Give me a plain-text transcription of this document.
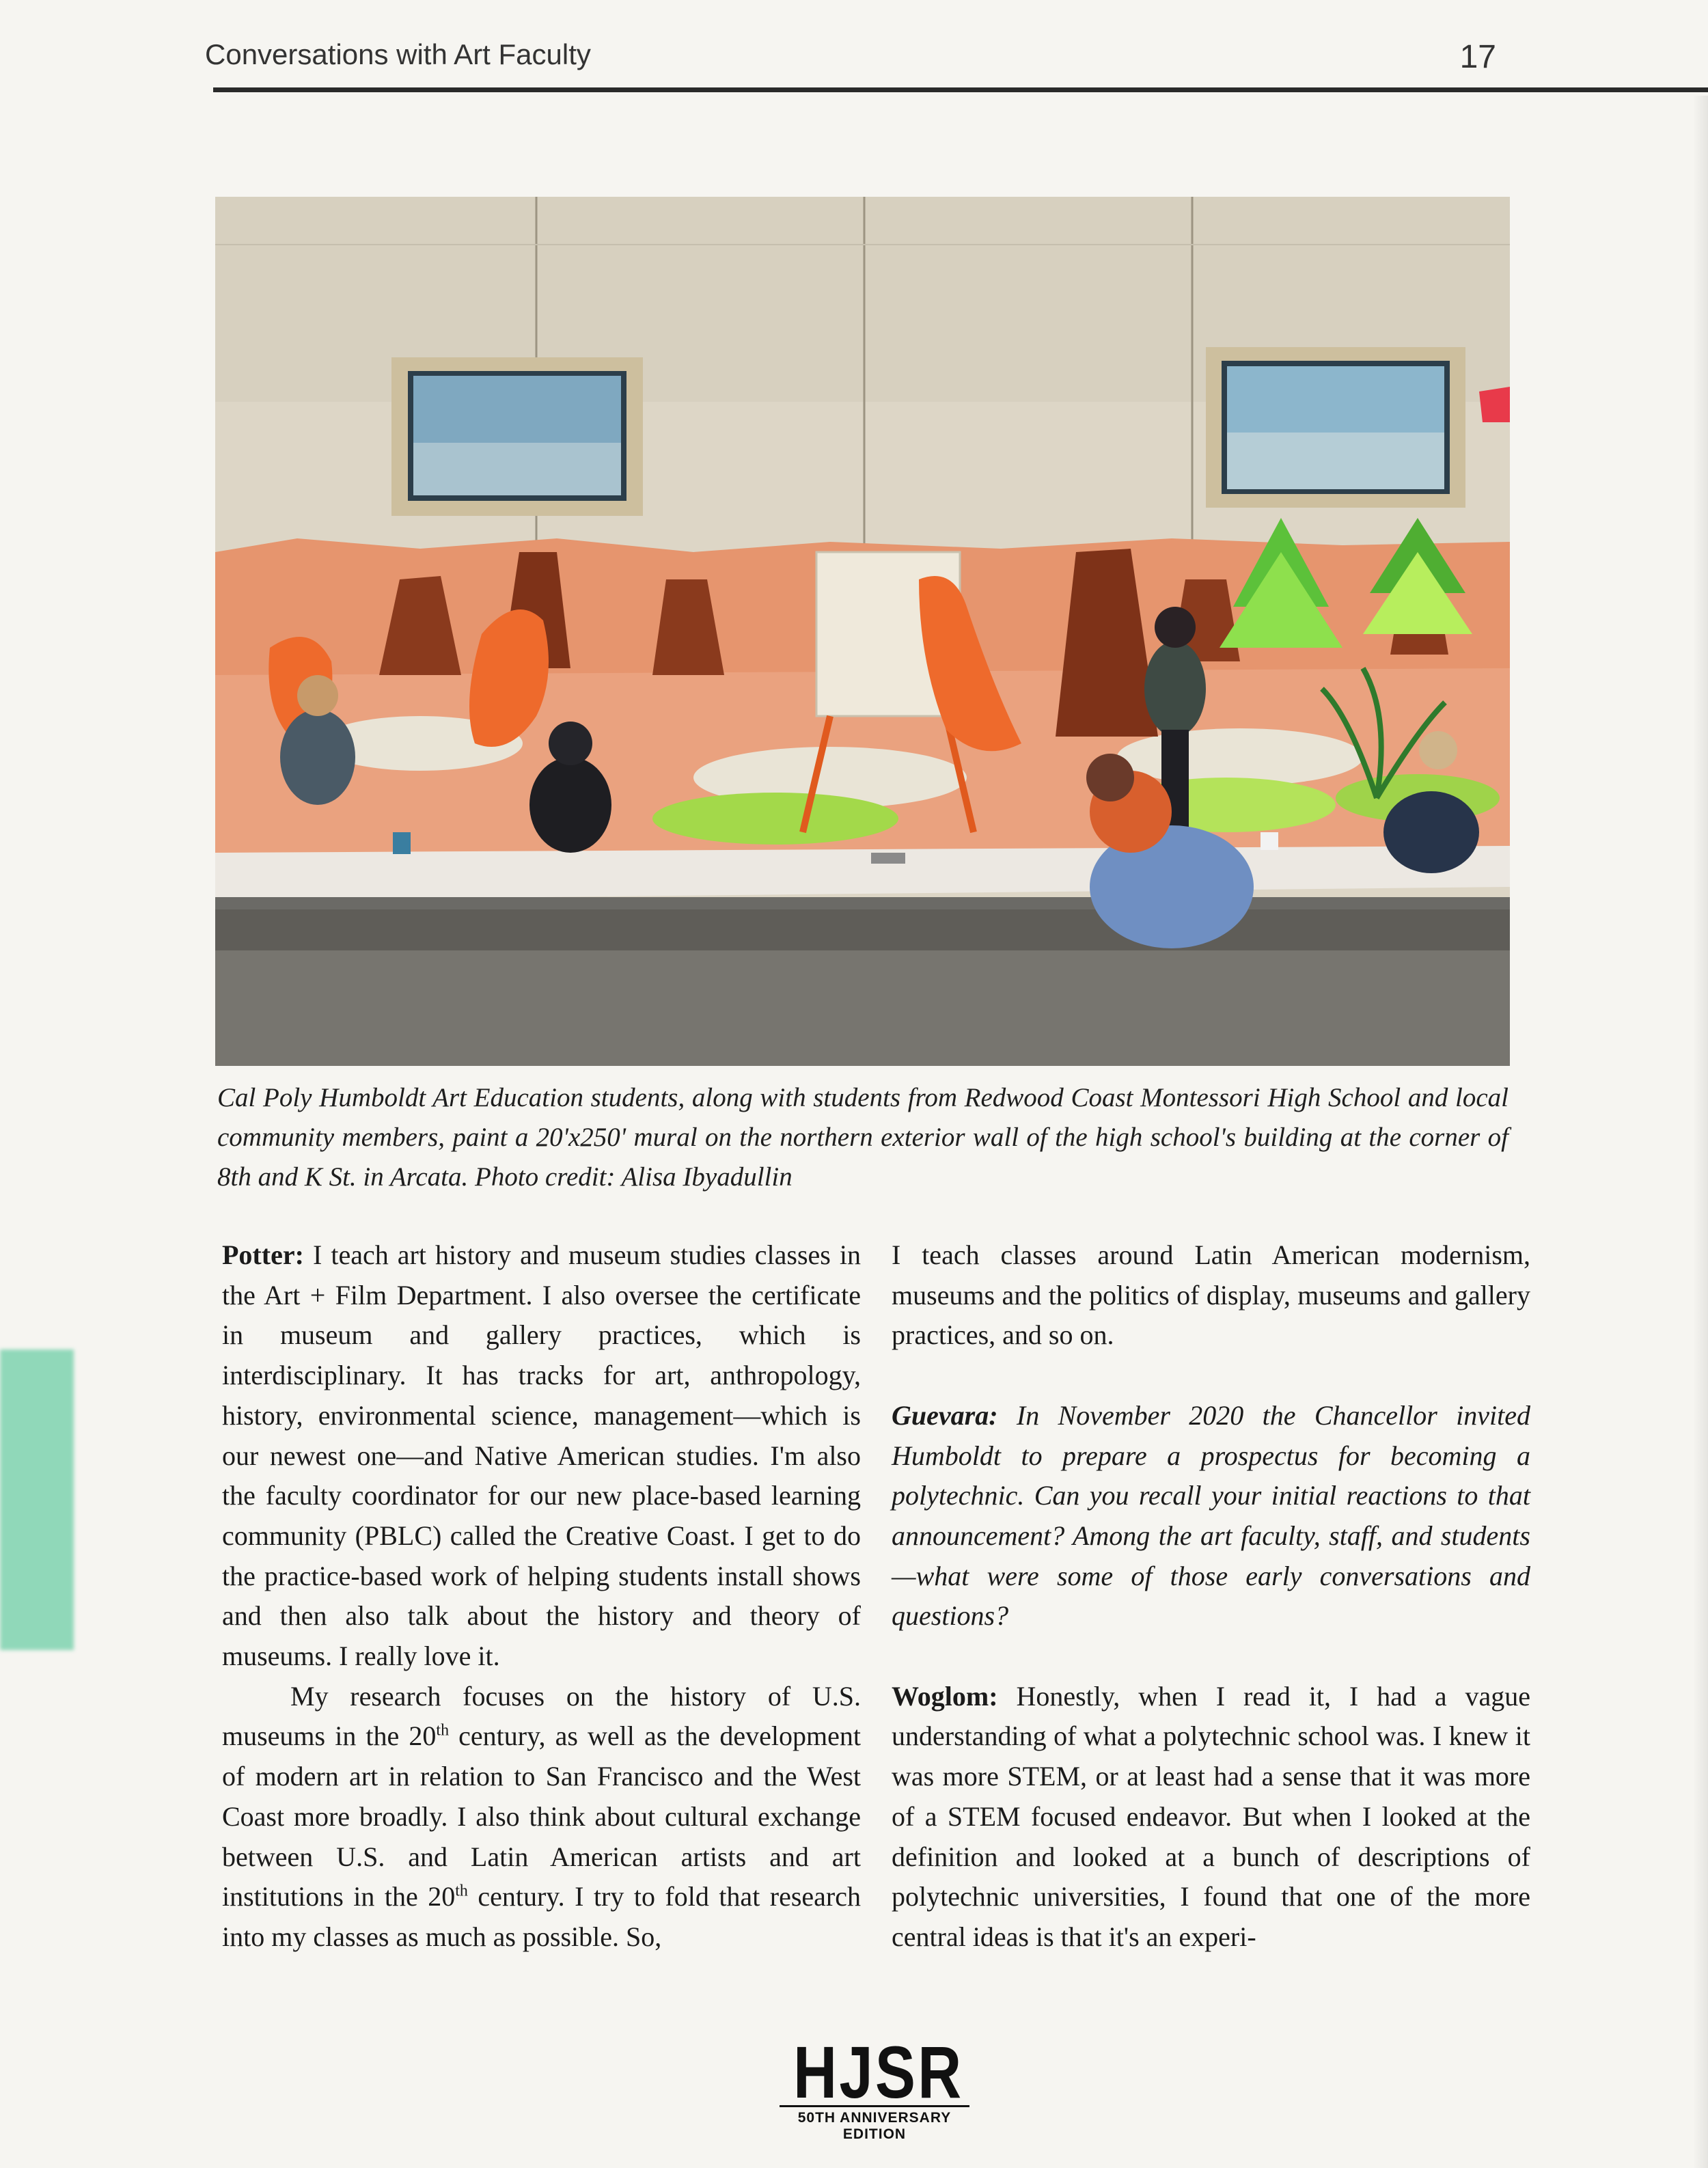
Conversations with Art Faculty	17
Cal Poly Humboldt Art Education students, along with students from Redwood Coast Montessori High School and local community members, paint a 20'x250' mural on the northern exterior wall of the high school's building at the corner of 8th and K St. in Arcata. Photo credit: Alisa Ibyadullin

Potter: I teach art history and museum studies classes in the Art + Film Department. I also oversee the certificate in museum and gallery practices, which is interdisciplinary. It has tracks for art, anthropology, history, environmental science, management—which is our newest one—and Native American studies. I'm also the faculty coordinator for our new place-based learning community (PBLC) called the Creative Coast. I get to do the practice-based work of helping students install shows and then also talk about the history and theory of museums. I really love it.

My research focuses on the history of U.S. museums in the 20th century, as well as the development of modern art in relation to San Francisco and the West Coast more broadly. I also think about cultural exchange between U.S. and Latin American artists and art institutions in the 20th century. I try to fold that research into my classes as much as possible. So,

I teach classes around Latin American modernism, museums and the politics of display, museums and gallery practices, and so on.

Guevara: In November 2020 the Chancellor invited Humboldt to prepare a prospectus for becoming a polytechnic. Can you recall your initial reactions to that announcement? Among the art faculty, staff, and students—what were some of those early conversations and questions?

Woglom: Honestly, when I read it, I had a vague understanding of what a polytechnic school was. I knew it was more STEM, or at least had a sense that it was more of a STEM focused endeavor. But when I looked at the definition and looked at a bunch of descriptions of polytechnic universities, I found that one of the more central ideas is that it's an experi-

HJSR
50TH ANNIVERSARY EDITION
